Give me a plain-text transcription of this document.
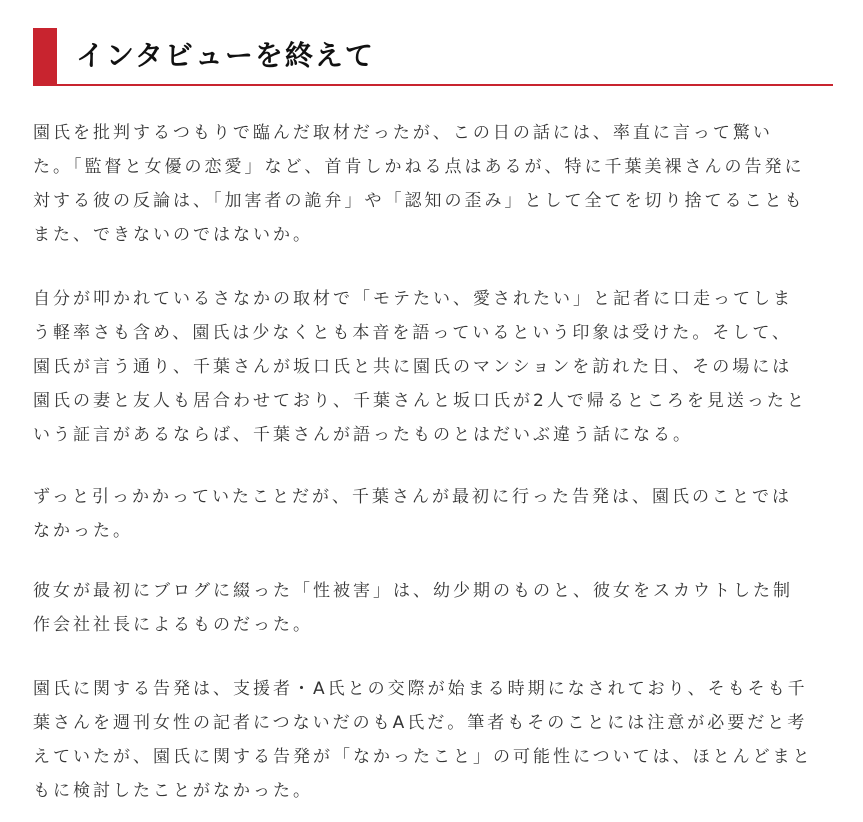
インタビューを終えて

園氏を批判するつもりで臨んだ取材だったが、この日の話には、率直に言って驚い
た。「監督と女優の恋愛」など、首肯しかねる点はあるが、特に千葉美裸さんの告発に
対する彼の反論は、「加害者の詭弁」や「認知の歪み」として全てを切り捨てることも
また、できないのではないか。

自分が叩かれているさなかの取材で「モテたい、愛されたい」と記者に口走ってしま
う軽率さも含め、園氏は少なくとも本音を語っているという印象は受けた。そして、
園氏が言う通り、千葉さんが坂口氏と共に園氏のマンションを訪れた日、その場には
園氏の妻と友人も居合わせており、千葉さんと坂口氏が2人で帰るところを見送ったと
いう証言があるならば、千葉さんが語ったものとはだいぶ違う話になる。

ずっと引っかかっていたことだが、千葉さんが最初に行った告発は、園氏のことでは
なかった。

彼女が最初にブログに綴った「性被害」は、幼少期のものと、彼女をスカウトした制
作会社社長によるものだった。

園氏に関する告発は、支援者・A氏との交際が始まる時期になされており、そもそも千
葉さんを週刊女性の記者につないだのもA氏だ。筆者もそのことには注意が必要だと考
えていたが、園氏に関する告発が「なかったこと」の可能性については、ほとんどまと
もに検討したことがなかった。
